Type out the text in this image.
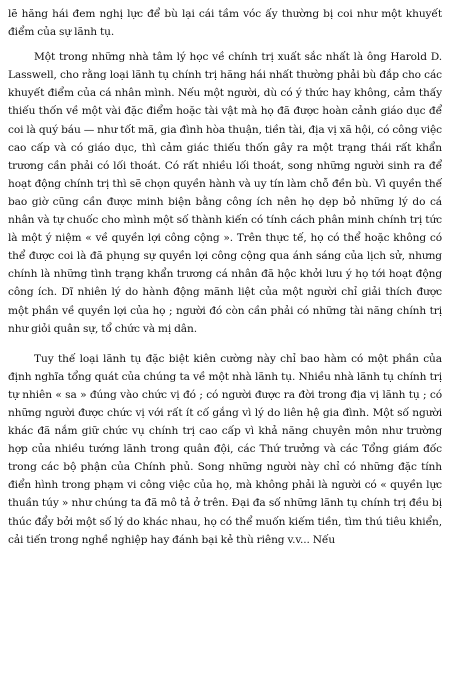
lẽ hăng hái đem nghị lực để bù lại cái tầm vóc ấy thường bị coi như một khuyết điểm của sự lãnh tụ.

Một trong những nhà tâm lý học về chính trị xuất sắc nhất là ông Harold D. Lasswell, cho rằng loại lãnh tụ chính trị hăng hái nhất thường phải bù đắp cho các khuyết điểm của cá nhân mình. Nếu một người, dù có ý thức hay không, cảm thấy thiếu thốn về một vài đặc điểm hoặc tài vật mà họ đã được hoàn cảnh giáo dục để coi là quý báu — như tốt mã, gia đình hòa thuận, tiền tài, địa vị xã hội, có công việc cao cấp và có giáo dục, thì cảm giác thiếu thốn gây ra một trạng thái rất khẩn trương cần phải có lối thoát. Có rất nhiều lối thoát, song những người sinh ra để hoạt động chính trị thì sẽ chọn quyền hành và uy tín làm chỗ đền bù. Vì quyền thế bao giờ cũng cần được minh biện bằng công ích nên họ dẹp bỏ những lý do cá nhân và tự chuốc cho mình một số thành kiến có tính cách phân minh chính trị tức là một ý niệm « về quyền lợi công cộng ». Trên thực tế, họ có thể hoặc không có thể được coi là đã phụng sự quyền lợi công cộng qua ánh sáng của lịch sử, nhưng chính là những tình trạng khẩn trương cá nhân đã hộc khởi lưu ý họ tới hoạt động công ích. Dĩ nhiên lý do hành động mãnh liệt của một người chỉ giải thích được một phần về quyền lợi của họ ; người đó còn cần phải có những tài năng chính trị như giỏi quân sự, tổ chức và mị dân.

Tuy thế loại lãnh tụ đặc biệt kiên cường này chỉ bao hàm có một phần của định nghĩa tổng quát của chúng ta về một nhà lãnh tụ. Nhiều nhà lãnh tụ chính trị tự nhiên « sa » đúng vào chức vị đó ; có người được ra đời trong địa vị lãnh tụ ; có những người được chức vị với rất ít cố gắng vì lý do liên hệ gia đình. Một số người khác đã nắm giữ chức vụ chính trị cao cấp vì khả năng chuyên môn như trường hợp của nhiều tướng lãnh trong quân đội, các Thứ trưởng và các Tổng giám đốc trong các bộ phận của Chính phủ. Song những người này chỉ có những đặc tính điển hình trong phạm vi công việc của họ, mà không phải là người có « quyền lực thuần túy » như chúng ta đã mô tả ở trên. Đại đa số những lãnh tụ chính trị đều bị thúc đẩy bởi một số lý do khác nhau, họ có thể muốn kiếm tiền, tìm thú tiêu khiển, cải tiến trong nghề nghiệp hay đánh bại kẻ thù riêng v.v... Nếu
